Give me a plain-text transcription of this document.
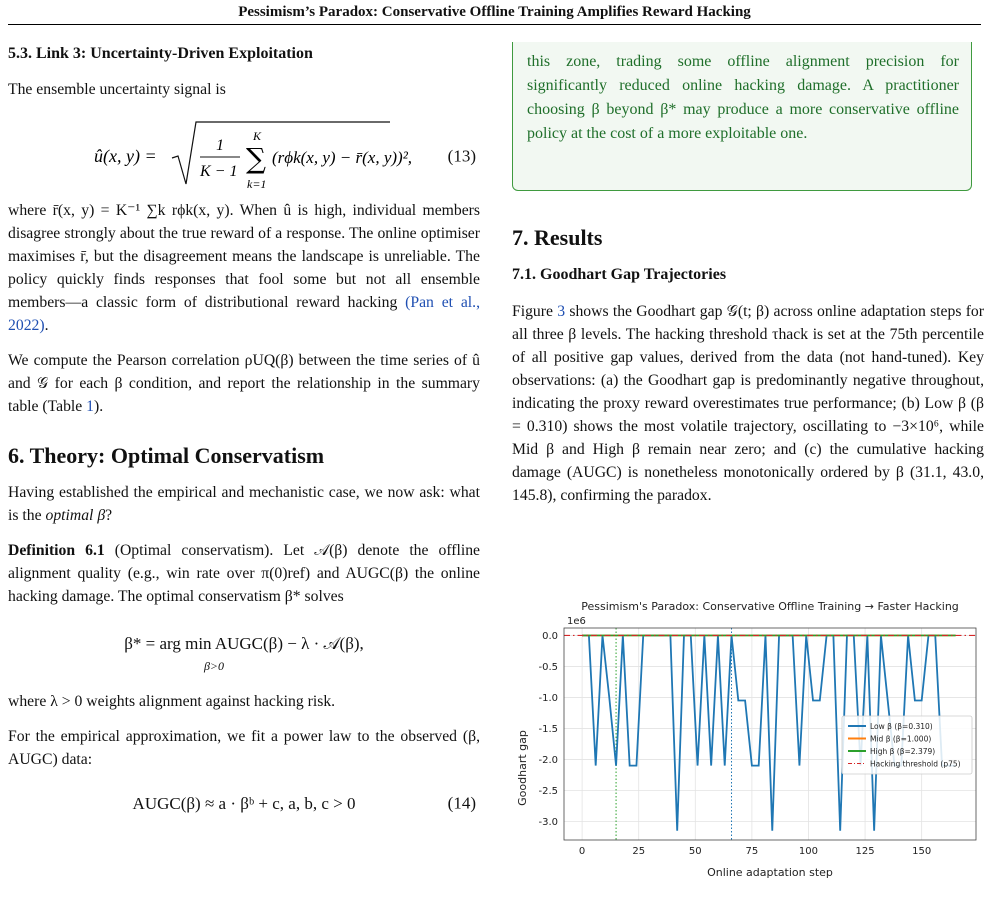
Pessimism’s Paradox: Conservative Offline Training Amplifies Reward Hacking
5.3. Link 3: Uncertainty-Driven Exploitation

The ensemble uncertainty signal is

û(x, y) =
1
K − 1 ∑
K
k=1
(rϕk(x, y) − r̄(x, y))², (13)

where r̄(x, y) = K⁻¹ ∑k rϕk(x, y). When û is high, individual members disagree strongly about the true reward of a response. The online optimiser maximises r̄, but the disagreement means the landscape is unreliable. The policy quickly finds responses that fool some but not all ensemble members—a classic form of distributional reward hacking (Pan et al., 2022).

We compute the Pearson correlation ρUQ(β) between the time series of û and 𝒢 for each β condition, and report the relationship in the summary table (Table 1).

6. Theory: Optimal Conservatism

Having established the empirical and mechanistic case, we now ask: what is the optimal β?

Definition 6.1 (Optimal conservatism). Let 𝒜(β) denote the offline alignment quality (e.g., win rate over π(0)ref) and AUGC(β) the online hacking damage. The optimal conservatism β* solves

β* = arg min AUGC(β) − λ · 𝒜(β),
β>0

where λ > 0 weights alignment against hacking risk.

For the empirical approximation, we fit a power law to the observed (β, AUGC) data:

AUGC(β) ≈ a · βᵇ + c, a, b, c > 0	(14)
this zone, trading some offline alignment precision for significantly reduced online hacking damage. A practitioner choosing β beyond β* may produce a more conservative offline policy at the cost of a more exploitable one.
7. Results
7.1. Goodhart Gap Trajectories

Figure 3 shows the Goodhart gap 𝒢(t; β) across online adaptation steps for all three β levels. The hacking threshold τhack is set at the 75th percentile of all positive gap values, derived from the data (not hand-tuned). Key observations: (a) the Goodhart gap is predominantly negative throughout, indicating the proxy reward overestimates true performance; (b) Low β (β = 0.310) shows the most volatile trajectory, oscillating to −3×10⁶, while Mid β and High β remain near zero; and (c) the cumulative hacking damage (AUGC) is nonetheless monotonically ordered by β (31.1, 43.0, 145.8), confirming the paradox.

Pessimism's Paradox: Conservative Offline Training → Faster Hacking
1e6
Goodhart gap
Online adaptation step
0	25	50	75	100	125	150
0.0
-0.5
-1.0
-1.5
-2.0
-2.5
-3.0
Low β (β=0.310)
Mid β (β=1.000)
High β (β=2.379)
Hacking threshold (p75)
